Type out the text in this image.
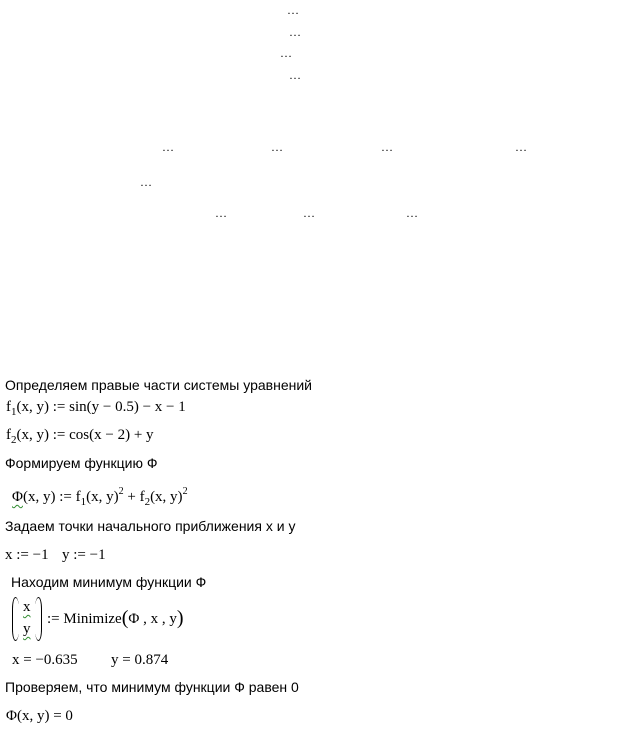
…
…
…
…
…	…	…	…
…
…	…	…
Определяем правые части системы уравнений
$f_1(x$, y) := sin(y − 0.5) − x − 1
$f_2(x$, y) := cos(x − 2) + y
Формируем функцию Ф
Φ(x, y) := $f_1(x$, $y)^2 + f_2(x$, y)$^2$
Задаем точки начального приближения x и y
x := −1 y := −1
Находим минимум функции Ф
x
y
:= Minimize(Φ , x , y)
x = −0.635 y = 0.874
Проверяем, что минимум функции Ф равен 0
Φ(x, y) = 0
